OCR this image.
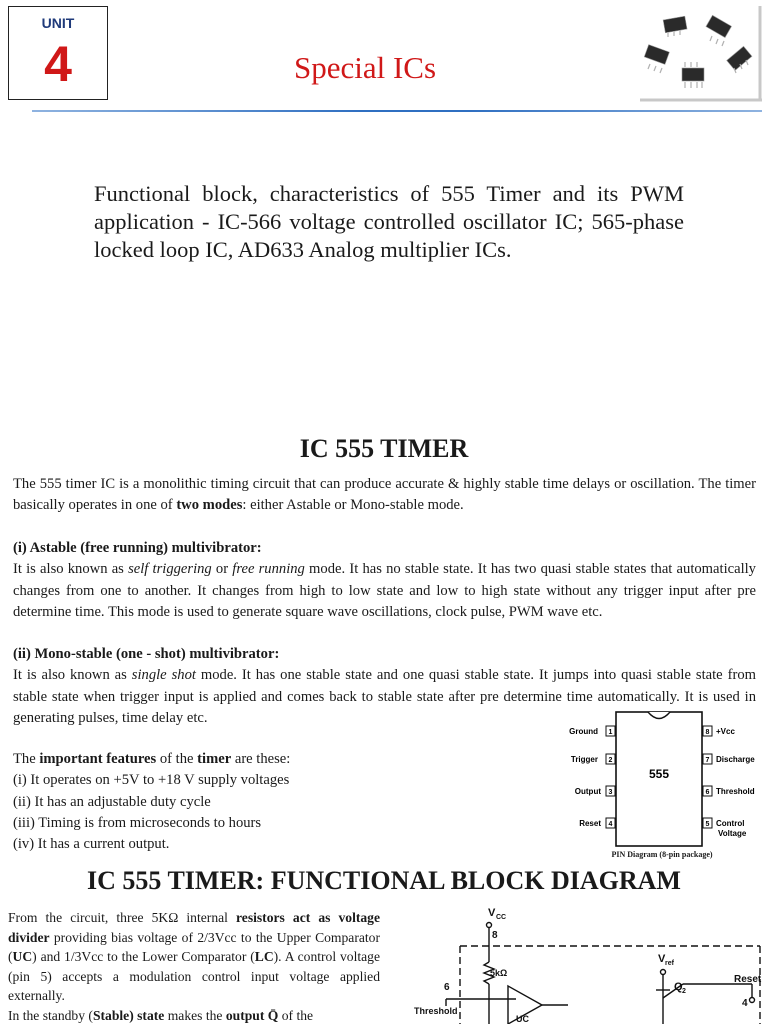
UNIT
4	Special ICs
Functional block, characteristics of 555 Timer and its PWM application - IC-566 voltage controlled oscillator IC; 565-phase locked loop IC, AD633 Analog multiplier ICs.
IC 555 TIMER
The 555 timer IC is a monolithic timing circuit that can produce accurate & highly stable time delays or oscillation. The timer basically operates in one of two modes: either Astable or Mono-stable mode.
(i) Astable (free running) multivibrator:
It is also known as self triggering or free running mode. It has no stable state. It has two quasi stable states that automatically changes from one to another. It changes from high to low state and low to high state without any trigger input after pre determine time. This mode is used to generate square wave oscillations, clock pulse, PWM wave etc.
(ii) Mono-stable (one - shot) multivibrator:
It is also known as single shot mode. It has one stable state and one quasi stable state. It jumps into quasi stable state from stable state when trigger input is applied and comes back to stable state after pre determine time automatically. It is used in generating pulses, time delay etc.
The important features of the timer are these:
(i) It operates on +5V to +18 V supply voltages
(ii) It has an adjustable duty cycle
(iii) Timing is from microseconds to hours
(iv) It has a current output.
555
1
Ground
2
Trigger
3
Output
4
Reset
8 +Vcc
7 Discharge
6 Threshold
5 Control
Voltage
PIN Diagram (8-pin package)
IC 555 TIMER: FUNCTIONAL BLOCK DIAGRAM
From the circuit, three 5KΩ internal resistors act as voltage divider providing bias voltage of 2/3Vcc to the Upper Comparator (UC) and 1/3Vcc to the Lower Comparator (LC). A control voltage (pin 5) accepts a modulation control input voltage applied externally.
In the standby (Stable) state makes the output Q̄ of the
V CC
8
5kΩ
UC
Threshold
6
V ref
Q 2
Reset
4
